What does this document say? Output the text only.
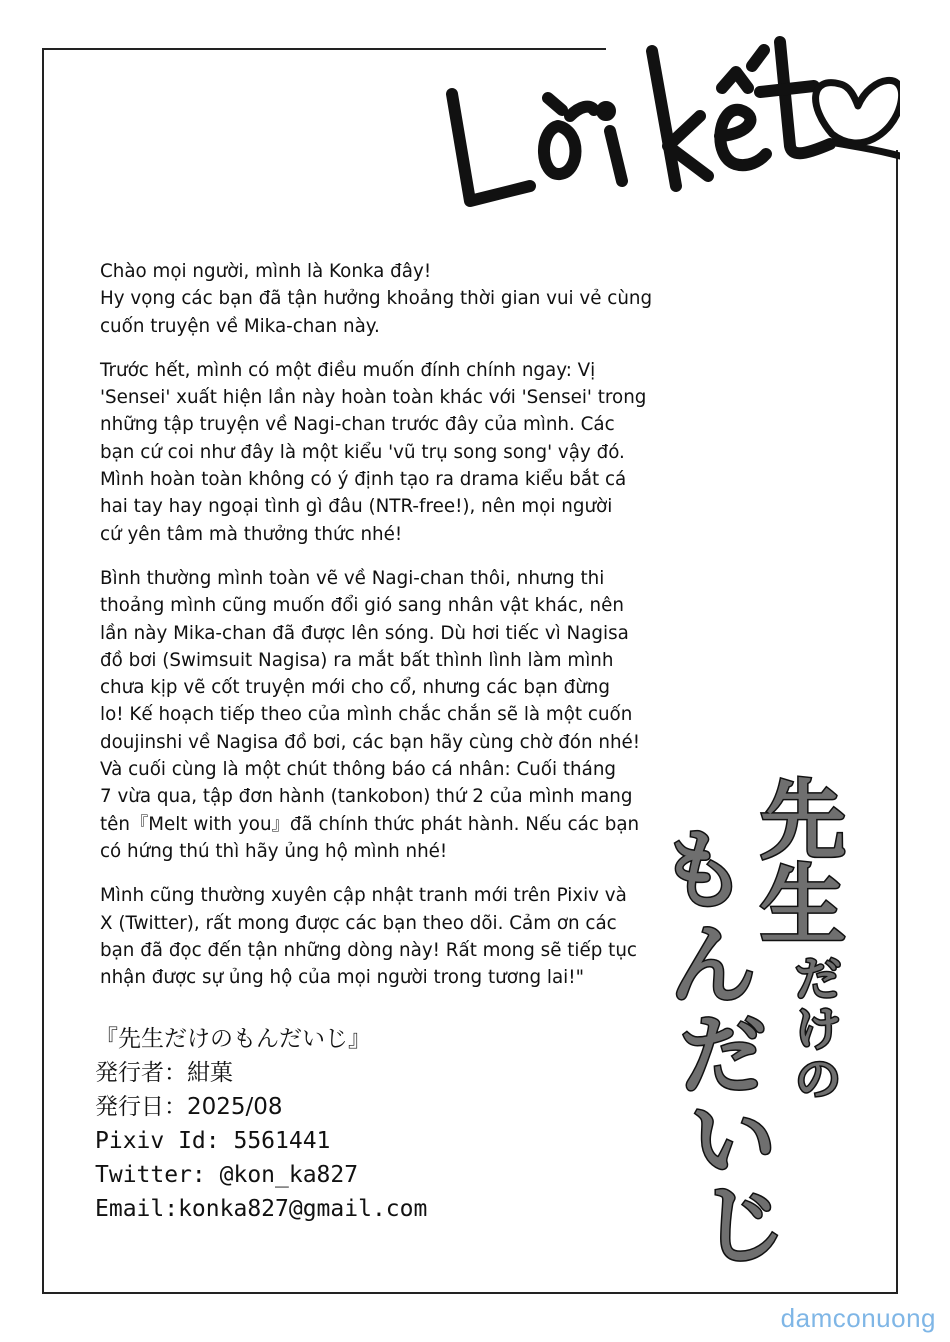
Chào mọi người, mình là Konka đây!
Hy vọng các bạn đã tận hưởng khoảng thời gian vui vẻ cùng
cuốn truyện về Mika-chan này.

Trước hết, mình có một điều muốn đính chính ngay: Vị
'Sensei' xuất hiện lần này hoàn toàn khác với 'Sensei' trong
những tập truyện về Nagi-chan trước đây của mình. Các
bạn cứ coi như đây là một kiểu 'vũ trụ song song' vậy đó.
Mình hoàn toàn không có ý định tạo ra drama kiểu bắt cá
hai tay hay ngoại tình gì đâu (NTR-free!), nên mọi người
cứ yên tâm mà thưởng thức nhé!

Bình thường mình toàn vẽ về Nagi-chan thôi, nhưng thi
thoảng mình cũng muốn đổi gió sang nhân vật khác, nên
lần này Mika-chan đã được lên sóng. Dù hơi tiếc vì Nagisa
đồ bơi (Swimsuit Nagisa) ra mắt bất thình lình làm mình
chưa kịp vẽ cốt truyện mới cho cổ, nhưng các bạn đừng
lo! Kế hoạch tiếp theo của mình chắc chắn sẽ là một cuốn
doujinshi về Nagisa đồ bơi, các bạn hãy cùng chờ đón nhé!
Và cuối cùng là một chút thông báo cá nhân: Cuối tháng
7 vừa qua, tập đơn hành (tankobon) thứ 2 của mình mang
tên『Melt with you』đã chính thức phát hành. Nếu các bạn
có hứng thú thì hãy ủng hộ mình nhé!

Mình cũng thường xuyên cập nhật tranh mới trên Pixiv và
X (Twitter), rất mong được các bạn theo dõi. Cảm ơn các
bạn đã đọc đến tận những dòng này! Rất mong sẽ tiếp tục
nhận được sự ủng hộ của mọi người trong tương lai!"

『先生だけのもんだいじ』
発行者：紺菓
発行日：2025/08
Pixiv Id: 5561441
Twitter: @kon_ka827
Email:konka827@gmail.com
先
生
だ
け
の
も
ん
だ
い
じ
damconuong
